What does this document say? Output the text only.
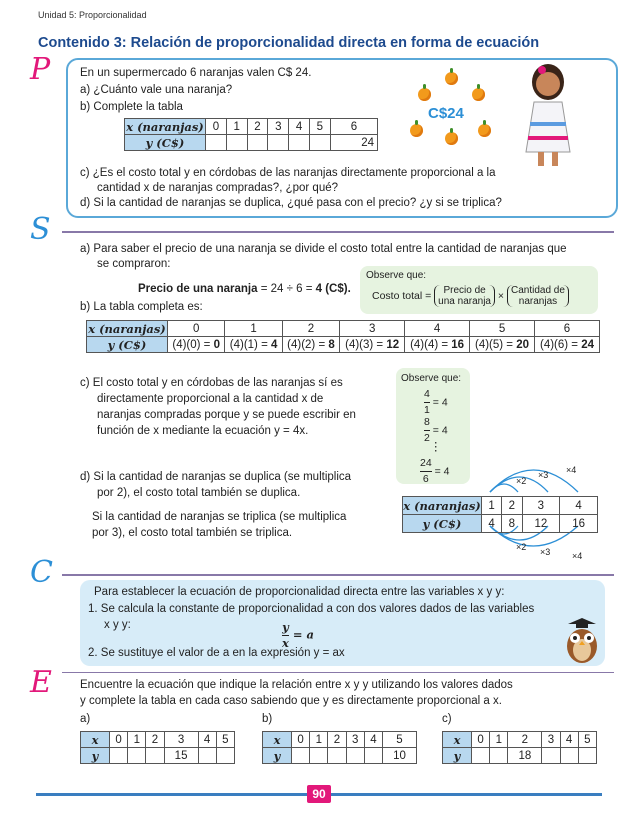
Unidad 5: Proporcionalidad
Contenido 3: Relación de proporcionalidad directa en forma de ecuación
P	En un supermercado 6 naranjas valen C$ 24.
a) ¿Cuánto vale una naranja?
b) Complete la tabla
x (naranjas)	0	1	2	3	4	5	6
y (C$)							24
C$24
c) ¿Es el costo total y en córdobas de las naranjas directamente proporcional a la
cantidad x de naranjas compradas?, ¿por qué?
d) Si la cantidad de naranjas se duplica, ¿qué pasa con el precio? ¿y si se triplica?
S
a) Para saber el precio de una naranja se divide el costo total entre la cantidad de naranjas que
se compraron:
Precio de una naranja = 24 ÷ 6 = 4 (C$).
b) La tabla completa es:
Observe que:
Costo total =	Precio de
una naranja × Cantidad de
naranjas
x (naranjas)	0	1	2	3	4	5	6
y (C$)	(4)(0) = 0	(4)(1) = 4	(4)(2) = 8	(4)(3) = 12	(4)(4) = 16	(4)(5) = 20	(4)(6) = 24
c) El costo total y en córdobas de las naranjas sí es
directamente proporcional a la cantidad x de
naranjas compradas porque y se puede escribir en
función de x mediante la ecuación y = 4x.
Observe que:
$\frac{4}{1} = 4$
$\frac{8}{2} = 4$
⋮
$\frac{24}{6} = 4$
d) Si la cantidad de naranjas se duplica (se multiplica
por 2), el costo total también se duplica.
Si la cantidad de naranjas se triplica (se multiplica
por 3), el costo total también se triplica.
×2
×3 ×4
×2 ×3 ×4
x (naranjas)	1	2	3	4
y (C$)	4	8	12	16
C
Para establecer la ecuación de proporcionalidad directa entre las variables x y y:
1. Se calcula la constante de proporcionalidad a con dos valores dados de las variables
x y y:	$\frac{y}{x} = a$
2. Se sustituye el valor de a en la expresión y = ax
E Encuentre la ecuación que indique la relación entre x y y utilizando los valores dados
y complete la tabla en cada caso sabiendo que y es directamente proporcional a x.
a)
x	0	1	2	3	4	5
y				15		
b)
x	0	1	2	3	4	5
y						10
c)
x	0	1	2	3	4	5
y			18			
90
